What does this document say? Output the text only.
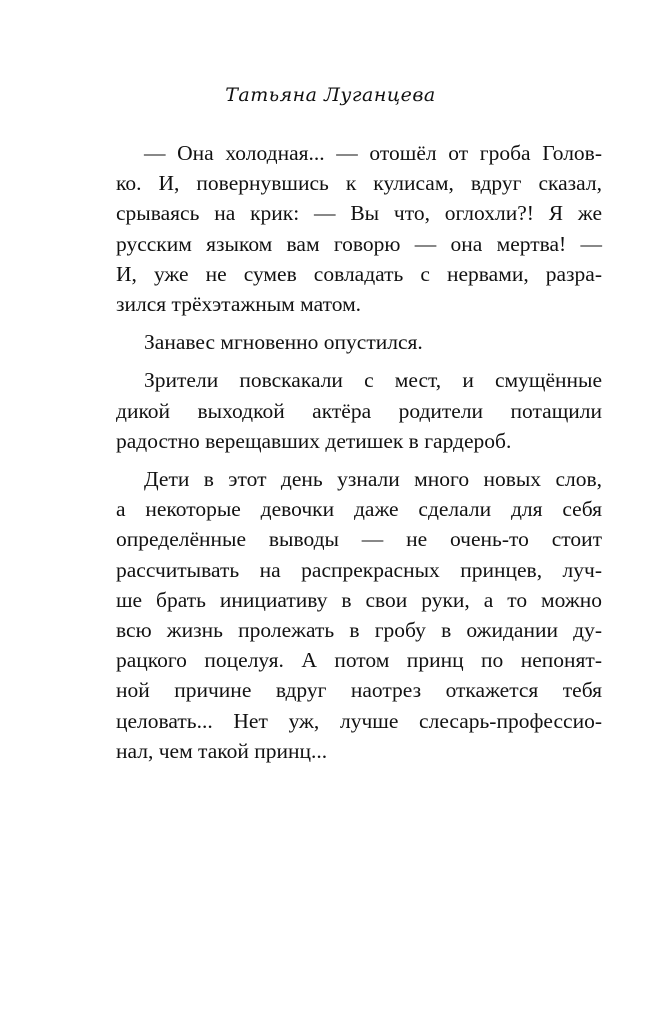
Татьяна Луганцева
— Она холодная... — отошёл от гроба Голов-
ко. И, повернувшись к кулисам, вдруг сказал,
срываясь на крик: — Вы что, оглохли?! Я же
русским языком вам говорю — она мертва! —
И, уже не сумев совладать с нервами, разра-
зился трёхэтажным матом.
Занавес мгновенно опустился.
Зрители повскакали с мест, и смущённые
дикой выходкой актёра родители потащили
радостно верещавших детишек в гардероб.
Дети в этот день узнали много новых слов,
а некоторые девочки даже сделали для себя
определённые выводы — не очень-то стоит
рассчитывать на распрекрасных принцев, луч-
ше брать инициативу в свои руки, а то можно
всю жизнь пролежать в гробу в ожидании ду-
рацкого поцелуя. А потом принц по непонят-
ной причине вдруг наотрез откажется тебя
целовать... Нет уж, лучше слесарь-профессио-
нал, чем такой принц...
